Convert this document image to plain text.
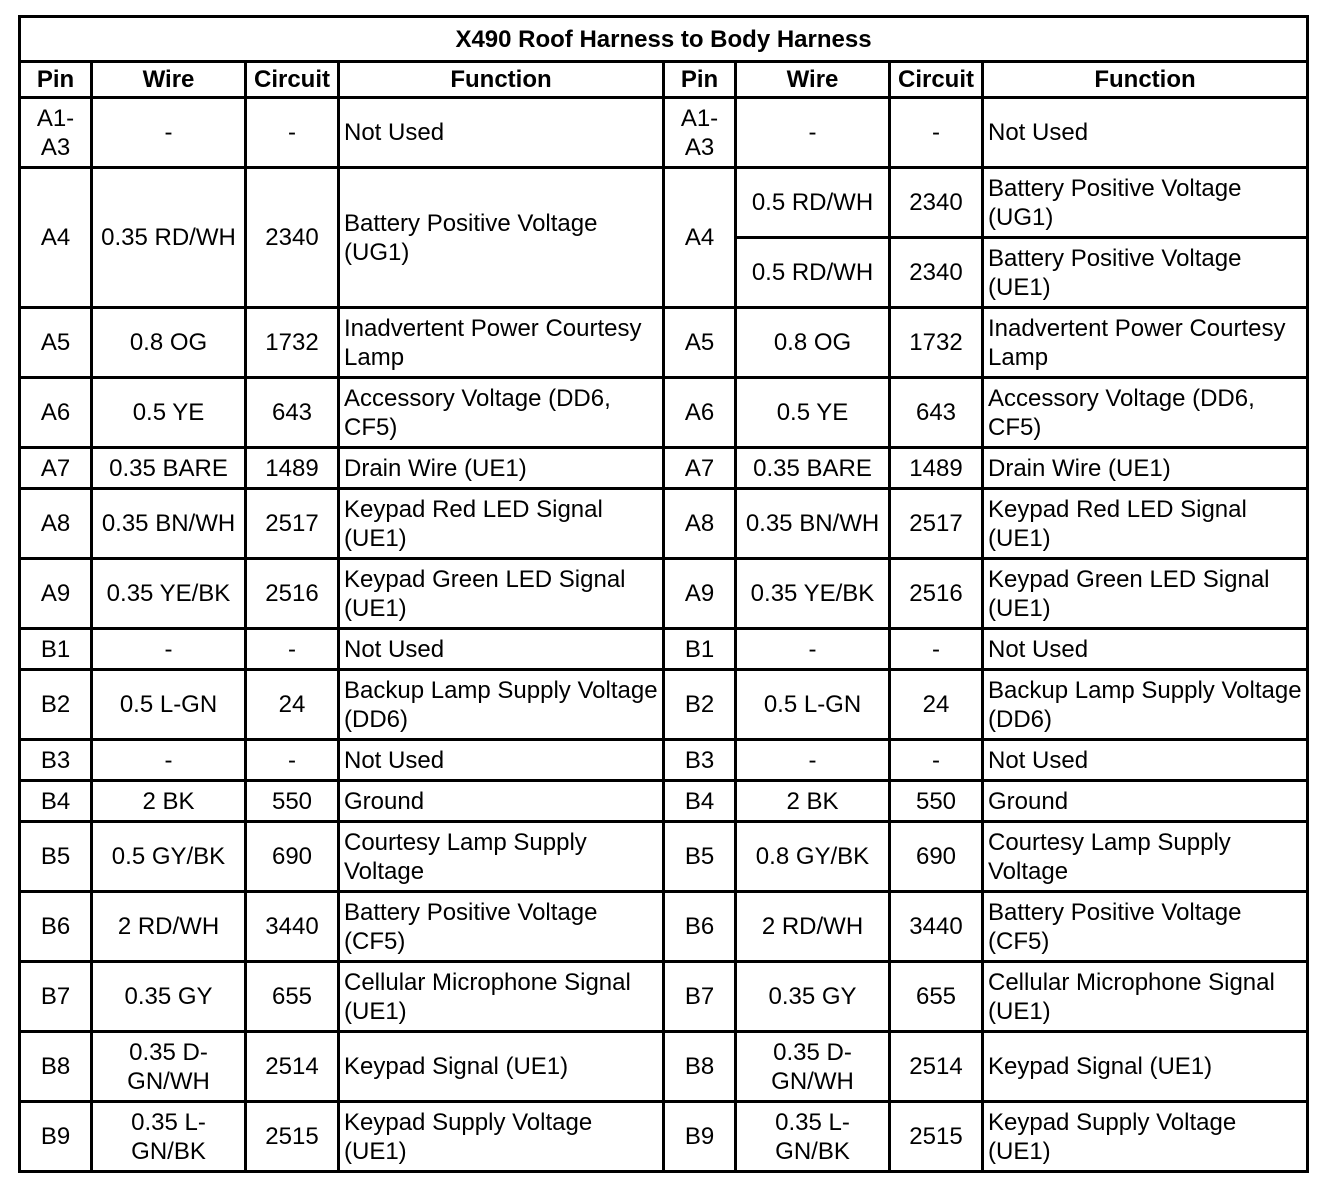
X490 Roof Harness to Body Harness							
Pin	Wire	Circuit	Function	Pin	Wire	Circuit	Function
A1-A3	-	-	Not Used	A1-A3	-	-	Not Used
A4	0.35 RD/WH	2340	Battery Positive Voltage (UG1)	A4	0.5 RD/WH	2340	Battery Positive Voltage (UG1)
					0.5 RD/WH	2340	Battery Positive Voltage (UE1)
A5	0.8 OG	1732	Inadvertent Power Courtesy Lamp	A5	0.8 OG	1732	Inadvertent Power Courtesy Lamp
A6	0.5 YE	643	Accessory Voltage (DD6, CF5)	A6	0.5 YE	643	Accessory Voltage (DD6, CF5)
A7	0.35 BARE	1489	Drain Wire (UE1)	A7	0.35 BARE	1489	Drain Wire (UE1)
A8	0.35 BN/WH	2517	Keypad Red LED Signal (UE1)	A8	0.35 BN/WH	2517	Keypad Red LED Signal (UE1)
A9	0.35 YE/BK	2516	Keypad Green LED Signal (UE1)	A9	0.35 YE/BK	2516	Keypad Green LED Signal (UE1)
B1	-	-	Not Used	B1	-	-	Not Used
B2	0.5 L-GN	24	Backup Lamp Supply Voltage (DD6)	B2	0.5 L-GN	24	Backup Lamp Supply Voltage (DD6)
B3	-	-	Not Used	B3	-	-	Not Used
B4	2 BK	550	Ground	B4	2 BK	550	Ground
B5	0.5 GY/BK	690	Courtesy Lamp Supply Voltage	B5	0.8 GY/BK	690	Courtesy Lamp Supply Voltage
B6	2 RD/WH	3440	Battery Positive Voltage (CF5)	B6	2 RD/WH	3440	Battery Positive Voltage (CF5)
B7	0.35 GY	655	Cellular Microphone Signal (UE1)	B7	0.35 GY	655	Cellular Microphone Signal (UE1)
B8	0.35 D-GN/WH	2514	Keypad Signal (UE1)	B8	0.35 D-GN/WH	2514	Keypad Signal (UE1)
B9	0.35 L-GN/BK	2515	Keypad Supply Voltage (UE1)	B9	0.35 L-GN/BK	2515	Keypad Supply Voltage (UE1)
